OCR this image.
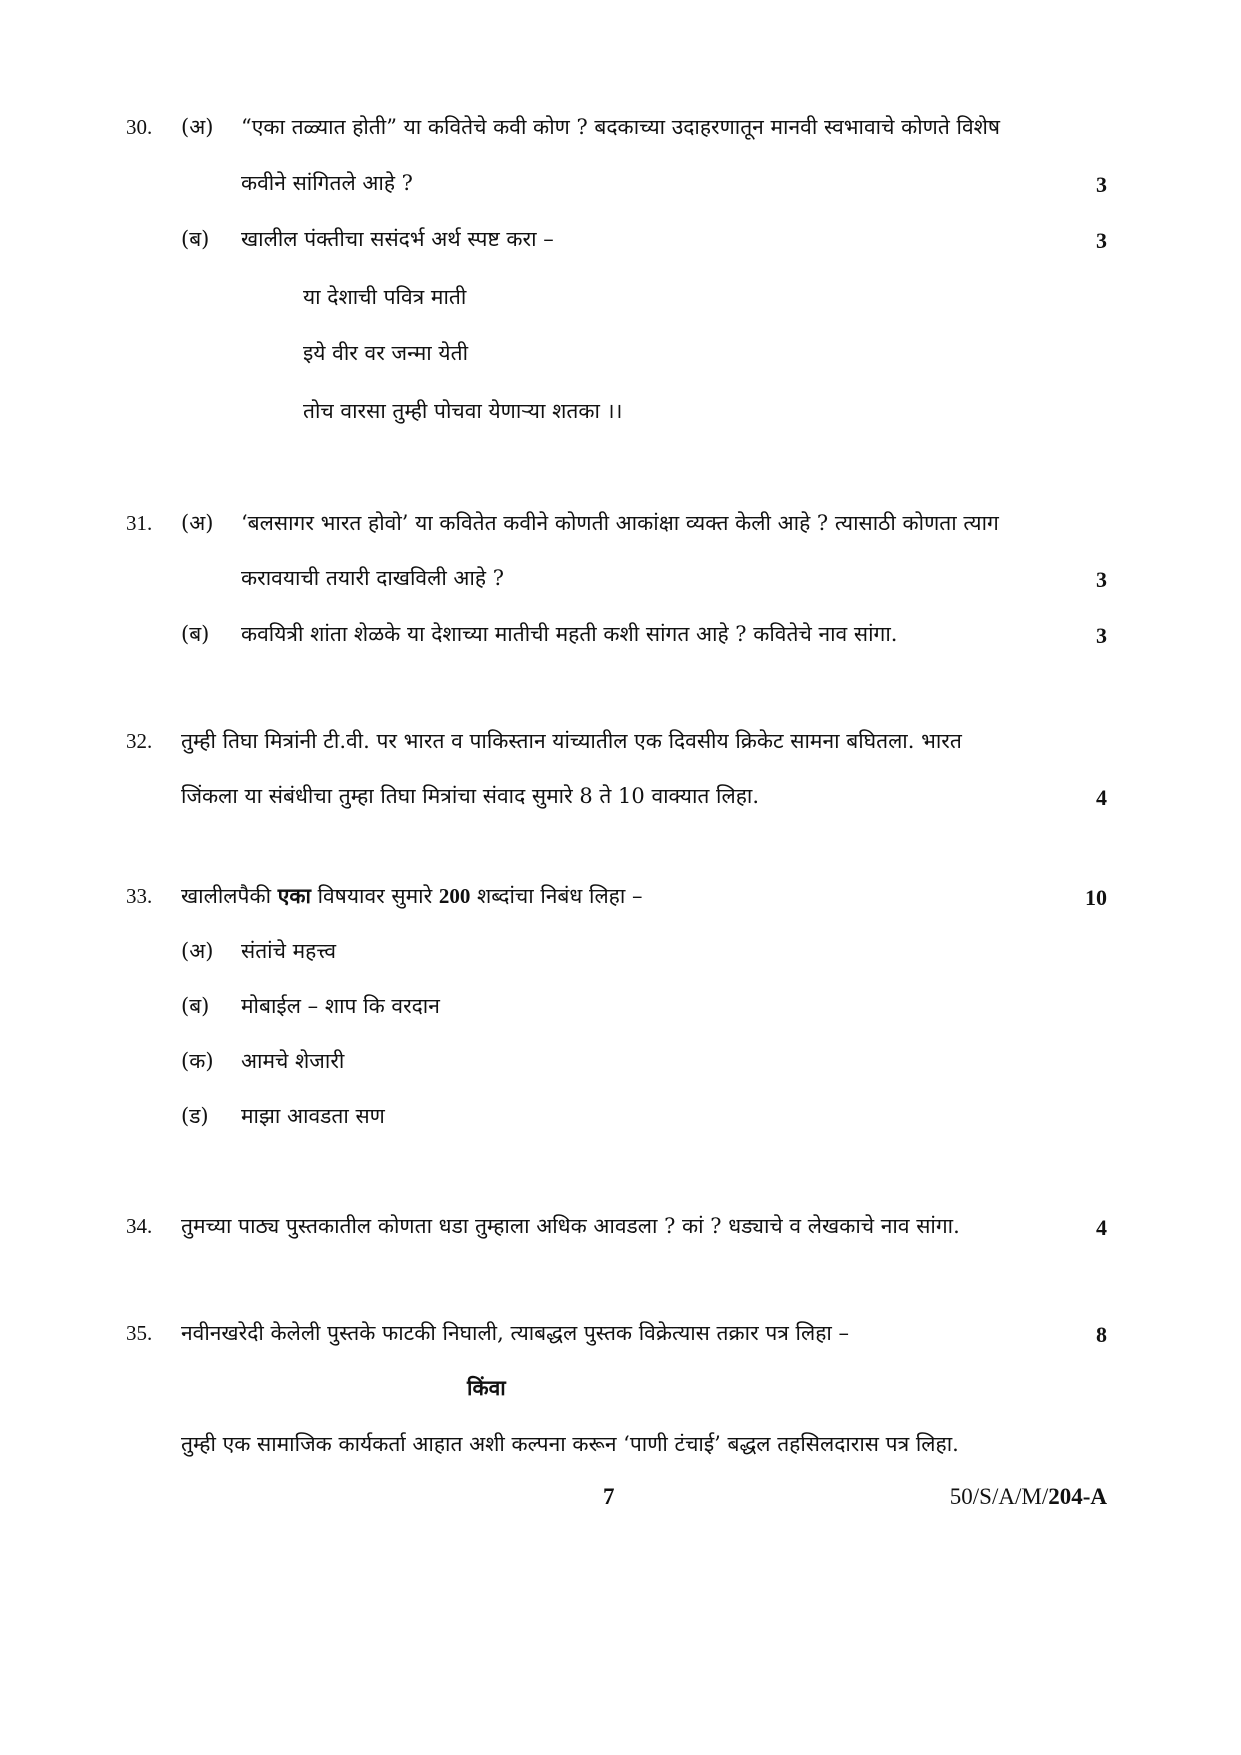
30. (अ) “एका तळ्यात होती” या कवितेचे कवी कोण ? बदकाच्या उदाहरणातून मानवी स्वभावाचे कोणते विशेष
कवीने सांगितले आहे ?	3
(ब) खालील पंक्तीचा ससंदर्भ अर्थ स्पष्ट करा –	3
या देशाची पवित्र माती
इये वीर वर जन्मा येती
तोच वारसा तुम्ही पोचवा येणाऱ्या शतका ।।
31. (अ) ‘बलसागर भारत होवो’ या कवितेत कवीने कोणती आकांक्षा व्यक्त केली आहे ? त्यासाठी कोणता त्याग
करावयाची तयारी दाखविली आहे ?	3
(ब) कवयित्री शांता शेळके या देशाच्या मातीची महती कशी सांगत आहे ? कवितेचे नाव सांगा.	3
32. तुम्ही तिघा मित्रांनी टी.वी. पर भारत व पाकिस्तान यांच्यातील एक दिवसीय क्रिकेट सामना बघितला. भारत
जिंकला या संबंधीचा तुम्हा तिघा मित्रांचा संवाद सुमारे 8 ते 10 वाक्यात लिहा.	4
33. खालीलपैकी एका विषयावर सुमारे 200 शब्दांचा निबंध लिहा –	10
(अ) संतांचे महत्त्व
(ब) मोबाईल – शाप कि वरदान
(क) आमचे शेजारी
(ड) माझा आवडता सण
34. तुमच्या पाठ्य पुस्तकातील कोणता धडा तुम्हाला अधिक आवडला ? कां ? धड्याचे व लेखकाचे नाव सांगा.	4
35. नवीनखरेदी केलेली पुस्तके फाटकी निघाली, त्याबद्धल पुस्तक विक्रेत्यास तक्रार पत्र लिहा –	8
किंवा
तुम्ही एक सामाजिक कार्यकर्ता आहात अशी कल्पना करून ‘पाणी टंचाई’ बद्धल तहसिलदारास पत्र लिहा.
7	50/S/A/M/204-A
